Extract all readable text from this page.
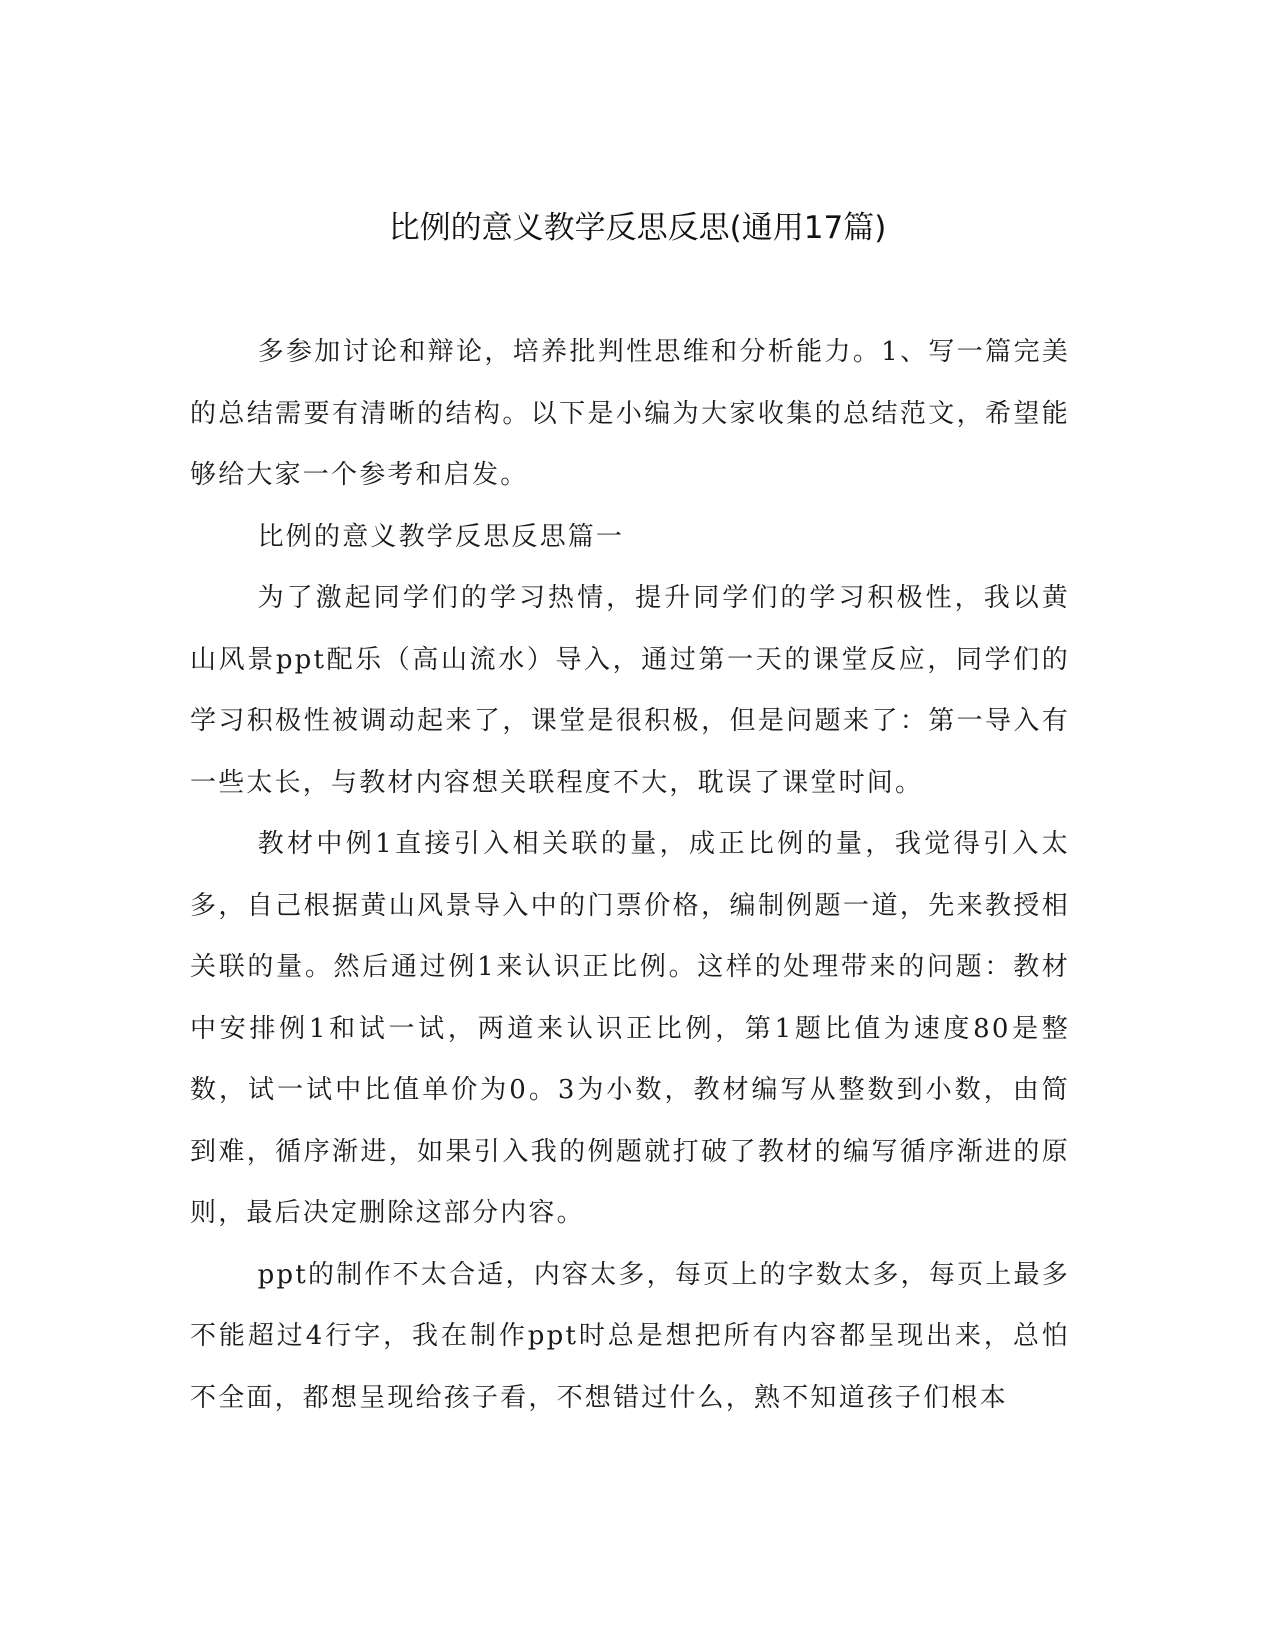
比例的意义教学反思反思(通用17篇)

多参加讨论和辩论，培养批判性思维和分析能力。1、写一篇完美的总结需要有清晰的结构。以下是小编为大家收集的总结范文，希望能够给大家一个参考和启发。

比例的意义教学反思反思篇一

为了激起同学们的学习热情，提升同学们的学习积极性，我以黄山风景ppt配乐（高山流水）导入，通过第一天的课堂反应，同学们的学习积极性被调动起来了，课堂是很积极，但是问题来了：第一导入有一些太长，与教材内容想关联程度不大，耽误了课堂时间。

教材中例1直接引入相关联的量，成正比例的量，我觉得引入太多，自己根据黄山风景导入中的门票价格，编制例题一道，先来教授相关联的量。然后通过例1来认识正比例。这样的处理带来的问题：教材中安排例1和试一试，两道来认识正比例，第1题比值为速度80是整数，试一试中比值单价为0。3为小数，教材编写从整数到小数，由简到难，循序渐进，如果引入我的例题就打破了教材的编写循序渐进的原则，最后决定删除这部分内容。

ppt的制作不太合适，内容太多，每页上的字数太多，每页上最多不能超过4行字，我在制作ppt时总是想把所有内容都呈现出来，总怕不全面，都想呈现给孩子看，不想错过什么，熟不知道孩子们根本
